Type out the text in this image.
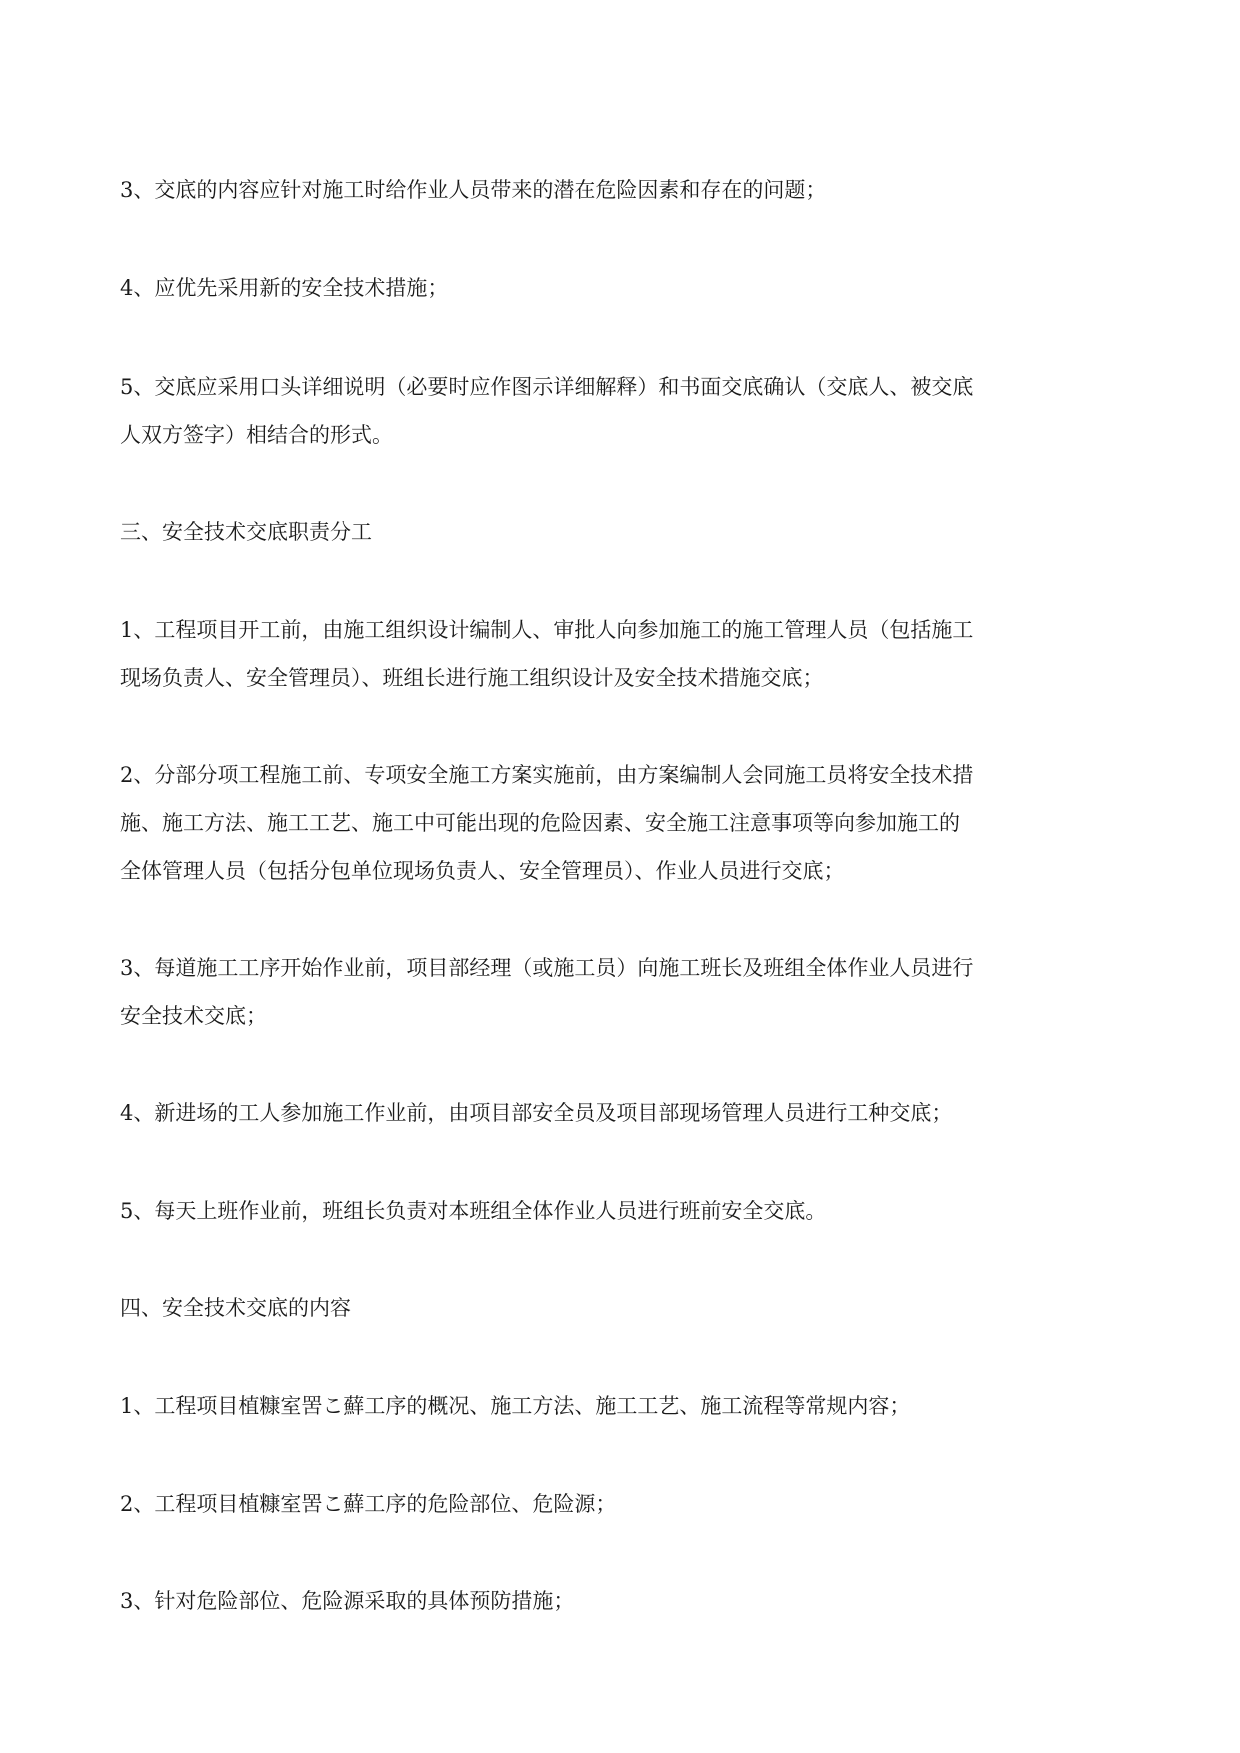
3、交底的内容应针对施工时给作业人员带来的潜在危险因素和存在的问题；

4、应优先采用新的安全技术措施；

5、交底应采用口头详细说明（必要时应作图示详细解释）和书面交底确认（交底人、被交底

人双方签字）相结合的形式。

三、安全技术交底职责分工

1、工程项目开工前，由施工组织设计编制人、审批人向参加施工的施工管理人员（包括施工

现场负责人、安全管理员）、班组长进行施工组织设计及安全技术措施交底；

2、分部分项工程施工前、专项安全施工方案实施前，由方案编制人会同施工员将安全技术措

施、施工方法、施工工艺、施工中可能出现的危险因素、安全施工注意事项等向参加施工的

全体管理人员（包括分包单位现场负责人、安全管理员）、作业人员进行交底；

3、每道施工工序开始作业前，项目部经理（或施工员）向施工班长及班组全体作业人员进行

安全技术交底；

4、新进场的工人参加施工作业前，由项目部安全员及项目部现场管理人员进行工种交底；

5、每天上班作业前，班组长负责对本班组全体作业人员进行班前安全交底。

四、安全技术交底的内容

1、工程项目植糠室罟こ蘚工序的概况、施工方法、施工工艺、施工流程等常规内容；

2、工程项目植糠室罟こ蘚工序的危险部位、危险源；

3、针对危险部位、危险源采取的具体预防措施；
